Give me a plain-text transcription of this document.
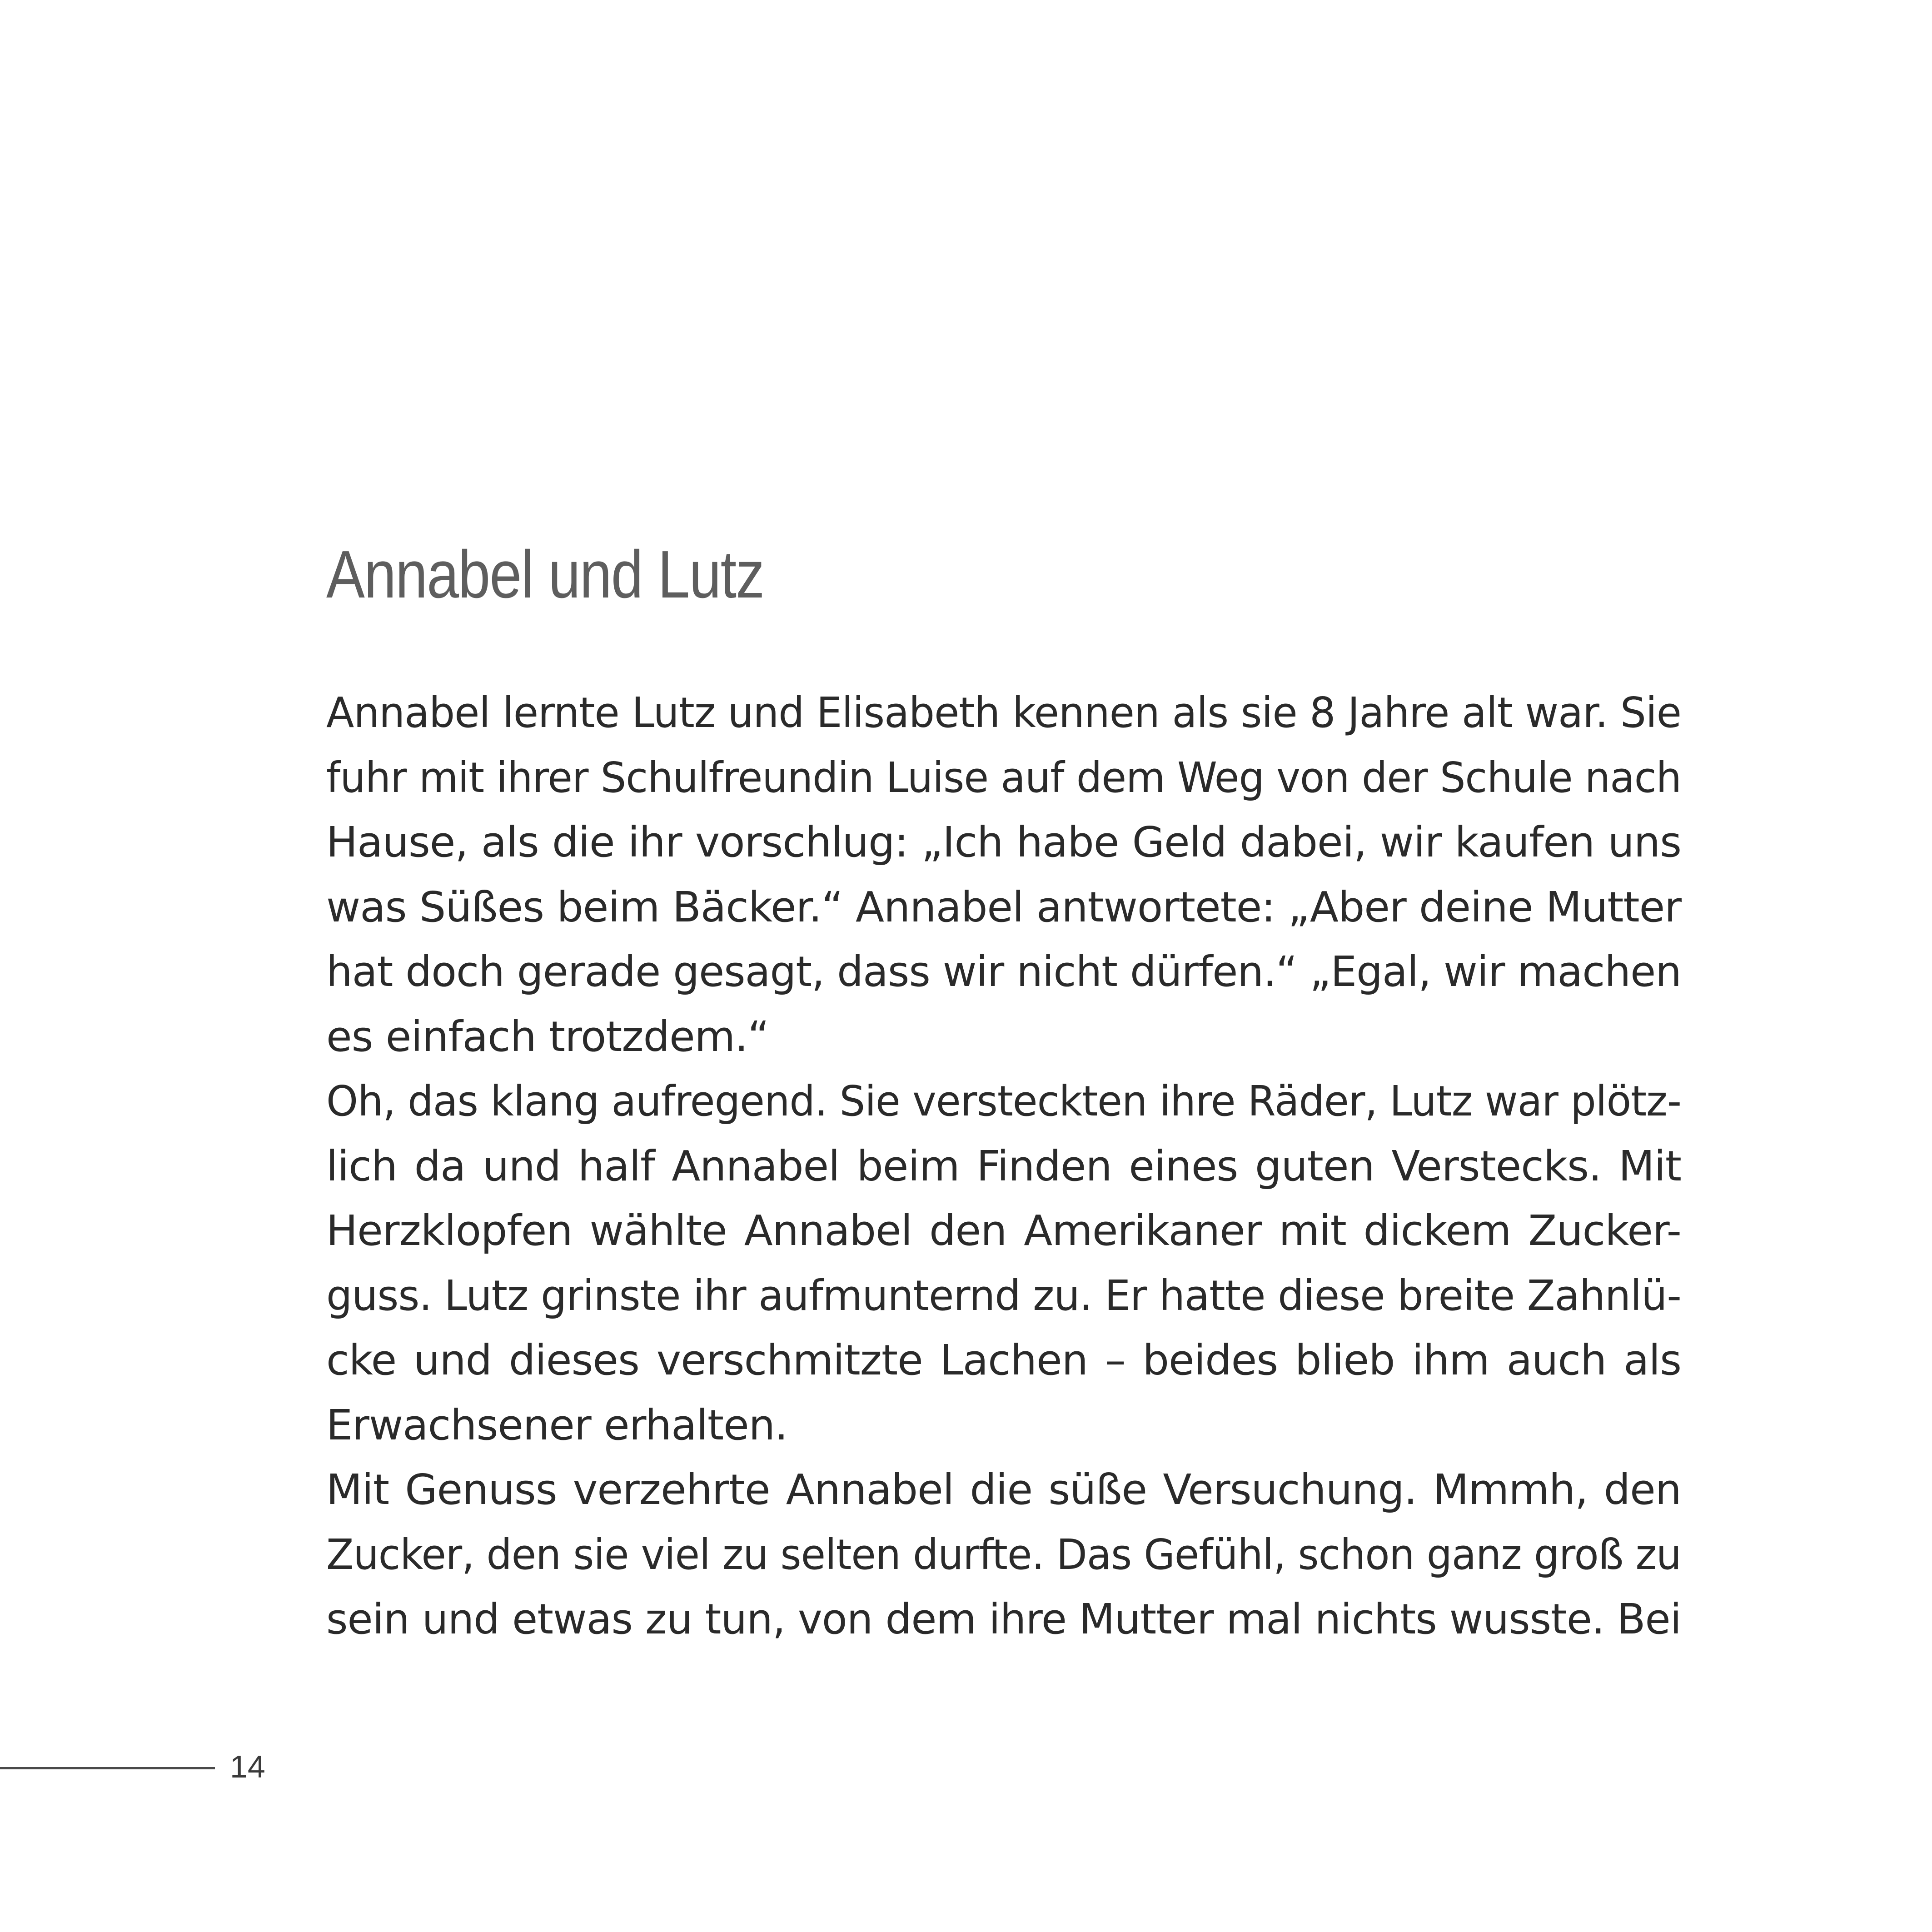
Annabel und Lutz
Annabel lernte Lutz und Elisabeth kennen als sie 8 Jahre alt war. Sie
fuhr mit ihrer Schulfreundin Luise auf dem Weg von der Schule nach
Hause, als die ihr vorschlug: „Ich habe Geld dabei, wir kaufen uns
was Süßes beim Bäcker.“ Annabel antwortete: „Aber deine Mutter
hat doch gerade gesagt, dass wir nicht dürfen.“ „Egal, wir machen
es einfach trotzdem.“
Oh, das klang aufregend. Sie versteckten ihre Räder, Lutz war plötz-
lich da und half Annabel beim Finden eines guten Verstecks. Mit
Herzklopfen wählte Annabel den Amerikaner mit dickem Zucker-
guss. Lutz grinste ihr aufmunternd zu. Er hatte diese breite Zahnlü-
cke und dieses verschmitzte Lachen – beides blieb ihm auch als
Erwachsener erhalten.
Mit Genuss verzehrte Annabel die süße Versuchung. Mmmh, den
Zucker, den sie viel zu selten durfte. Das Gefühl, schon ganz groß zu
sein und etwas zu tun, von dem ihre Mutter mal nichts wusste. Bei
14
